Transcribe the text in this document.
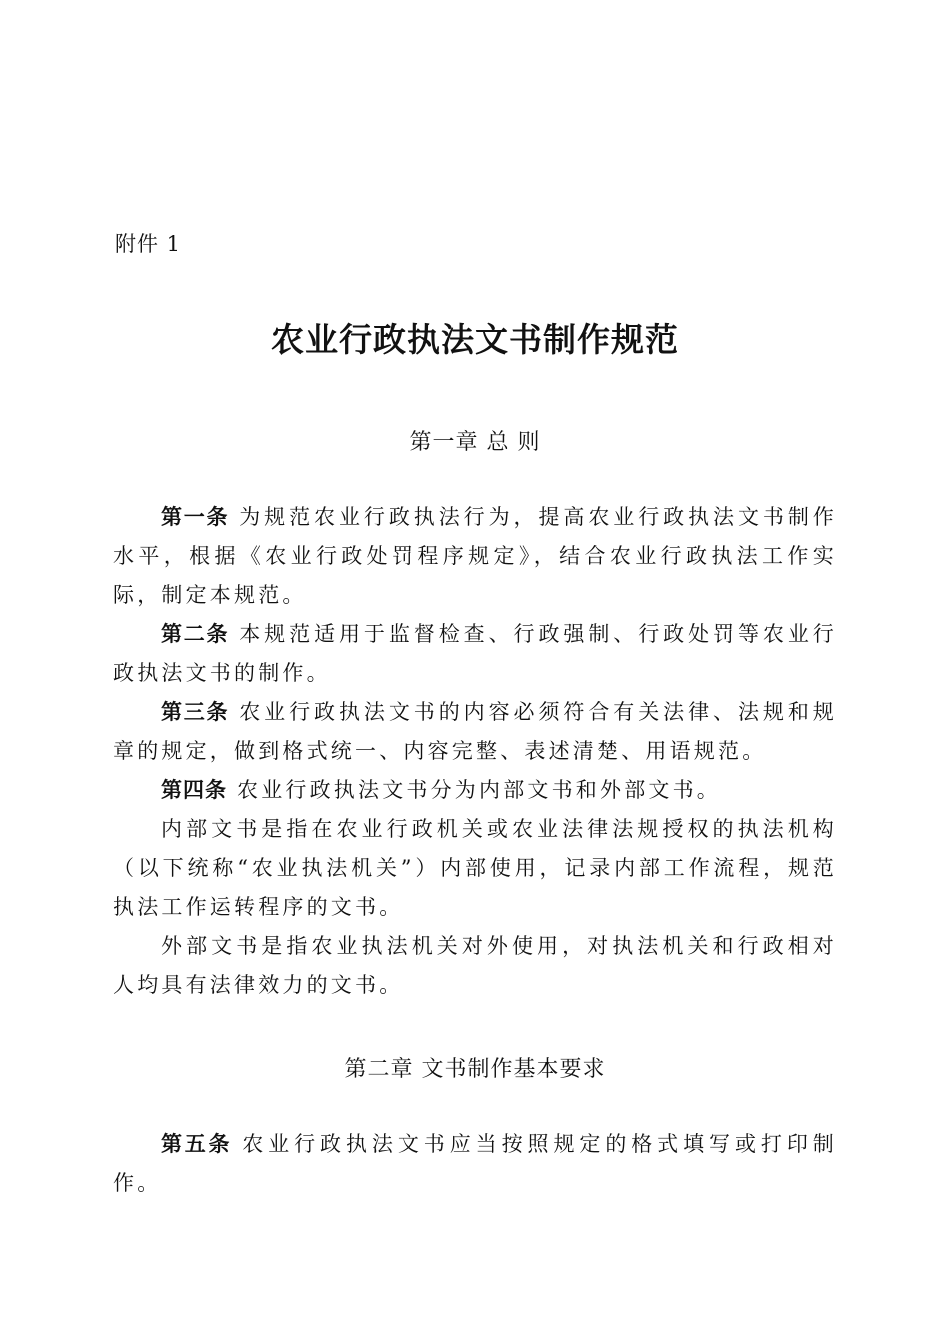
附件 1
农业行政执法文书制作规范
第一章 总 则

第一条 为规范农业行政执法行为，提高农业行政执法文书制作水平，根据《农业行政处罚程序规定》，结合农业行政执法工作实际，制定本规范。

第二条 本规范适用于监督检查、行政强制、行政处罚等农业行政执法文书的制作。

第三条 农业行政执法文书的内容必须符合有关法律、法规和规章的规定，做到格式统一、内容完整、表述清楚、用语规范。

第四条 农业行政执法文书分为内部文书和外部文书。

内部文书是指在农业行政机关或农业法律法规授权的执法机构（以下统称“农业执法机关”）内部使用，记录内部工作流程，规范执法工作运转程序的文书。

外部文书是指农业执法机关对外使用，对执法机关和行政相对人均具有法律效力的文书。

第二章 文书制作基本要求

第五条 农业行政执法文书应当按照规定的格式填写或打印制作。
